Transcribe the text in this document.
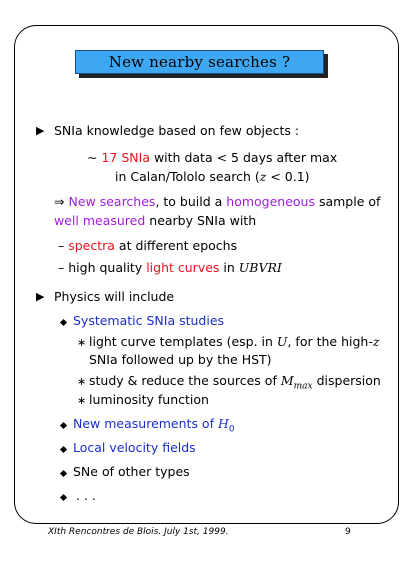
New nearby searches ?
▶ SNIa knowledge based on few objects :
∼ 17 SNIa with data < 5 days after max
in Calan/Tololo search (z < 0.1)
⇒ New searches, to build a homogeneous sample of
well measured nearby SNIa with
– spectra at different epochs
– high quality light curves in UBVRI
▶ Physics will include
Systematic SNIa studies
∗ light curve templates (esp. in U, for the high-z
SNIa followed up by the HST)
∗ study & reduce the sources of $M_{max}$ dispersion
∗ luminosity function
New measurements of $H_0$
Local velocity fields
SNe of other types
. . .
XIth Rencontres de Blois. July 1st, 1999.	9
